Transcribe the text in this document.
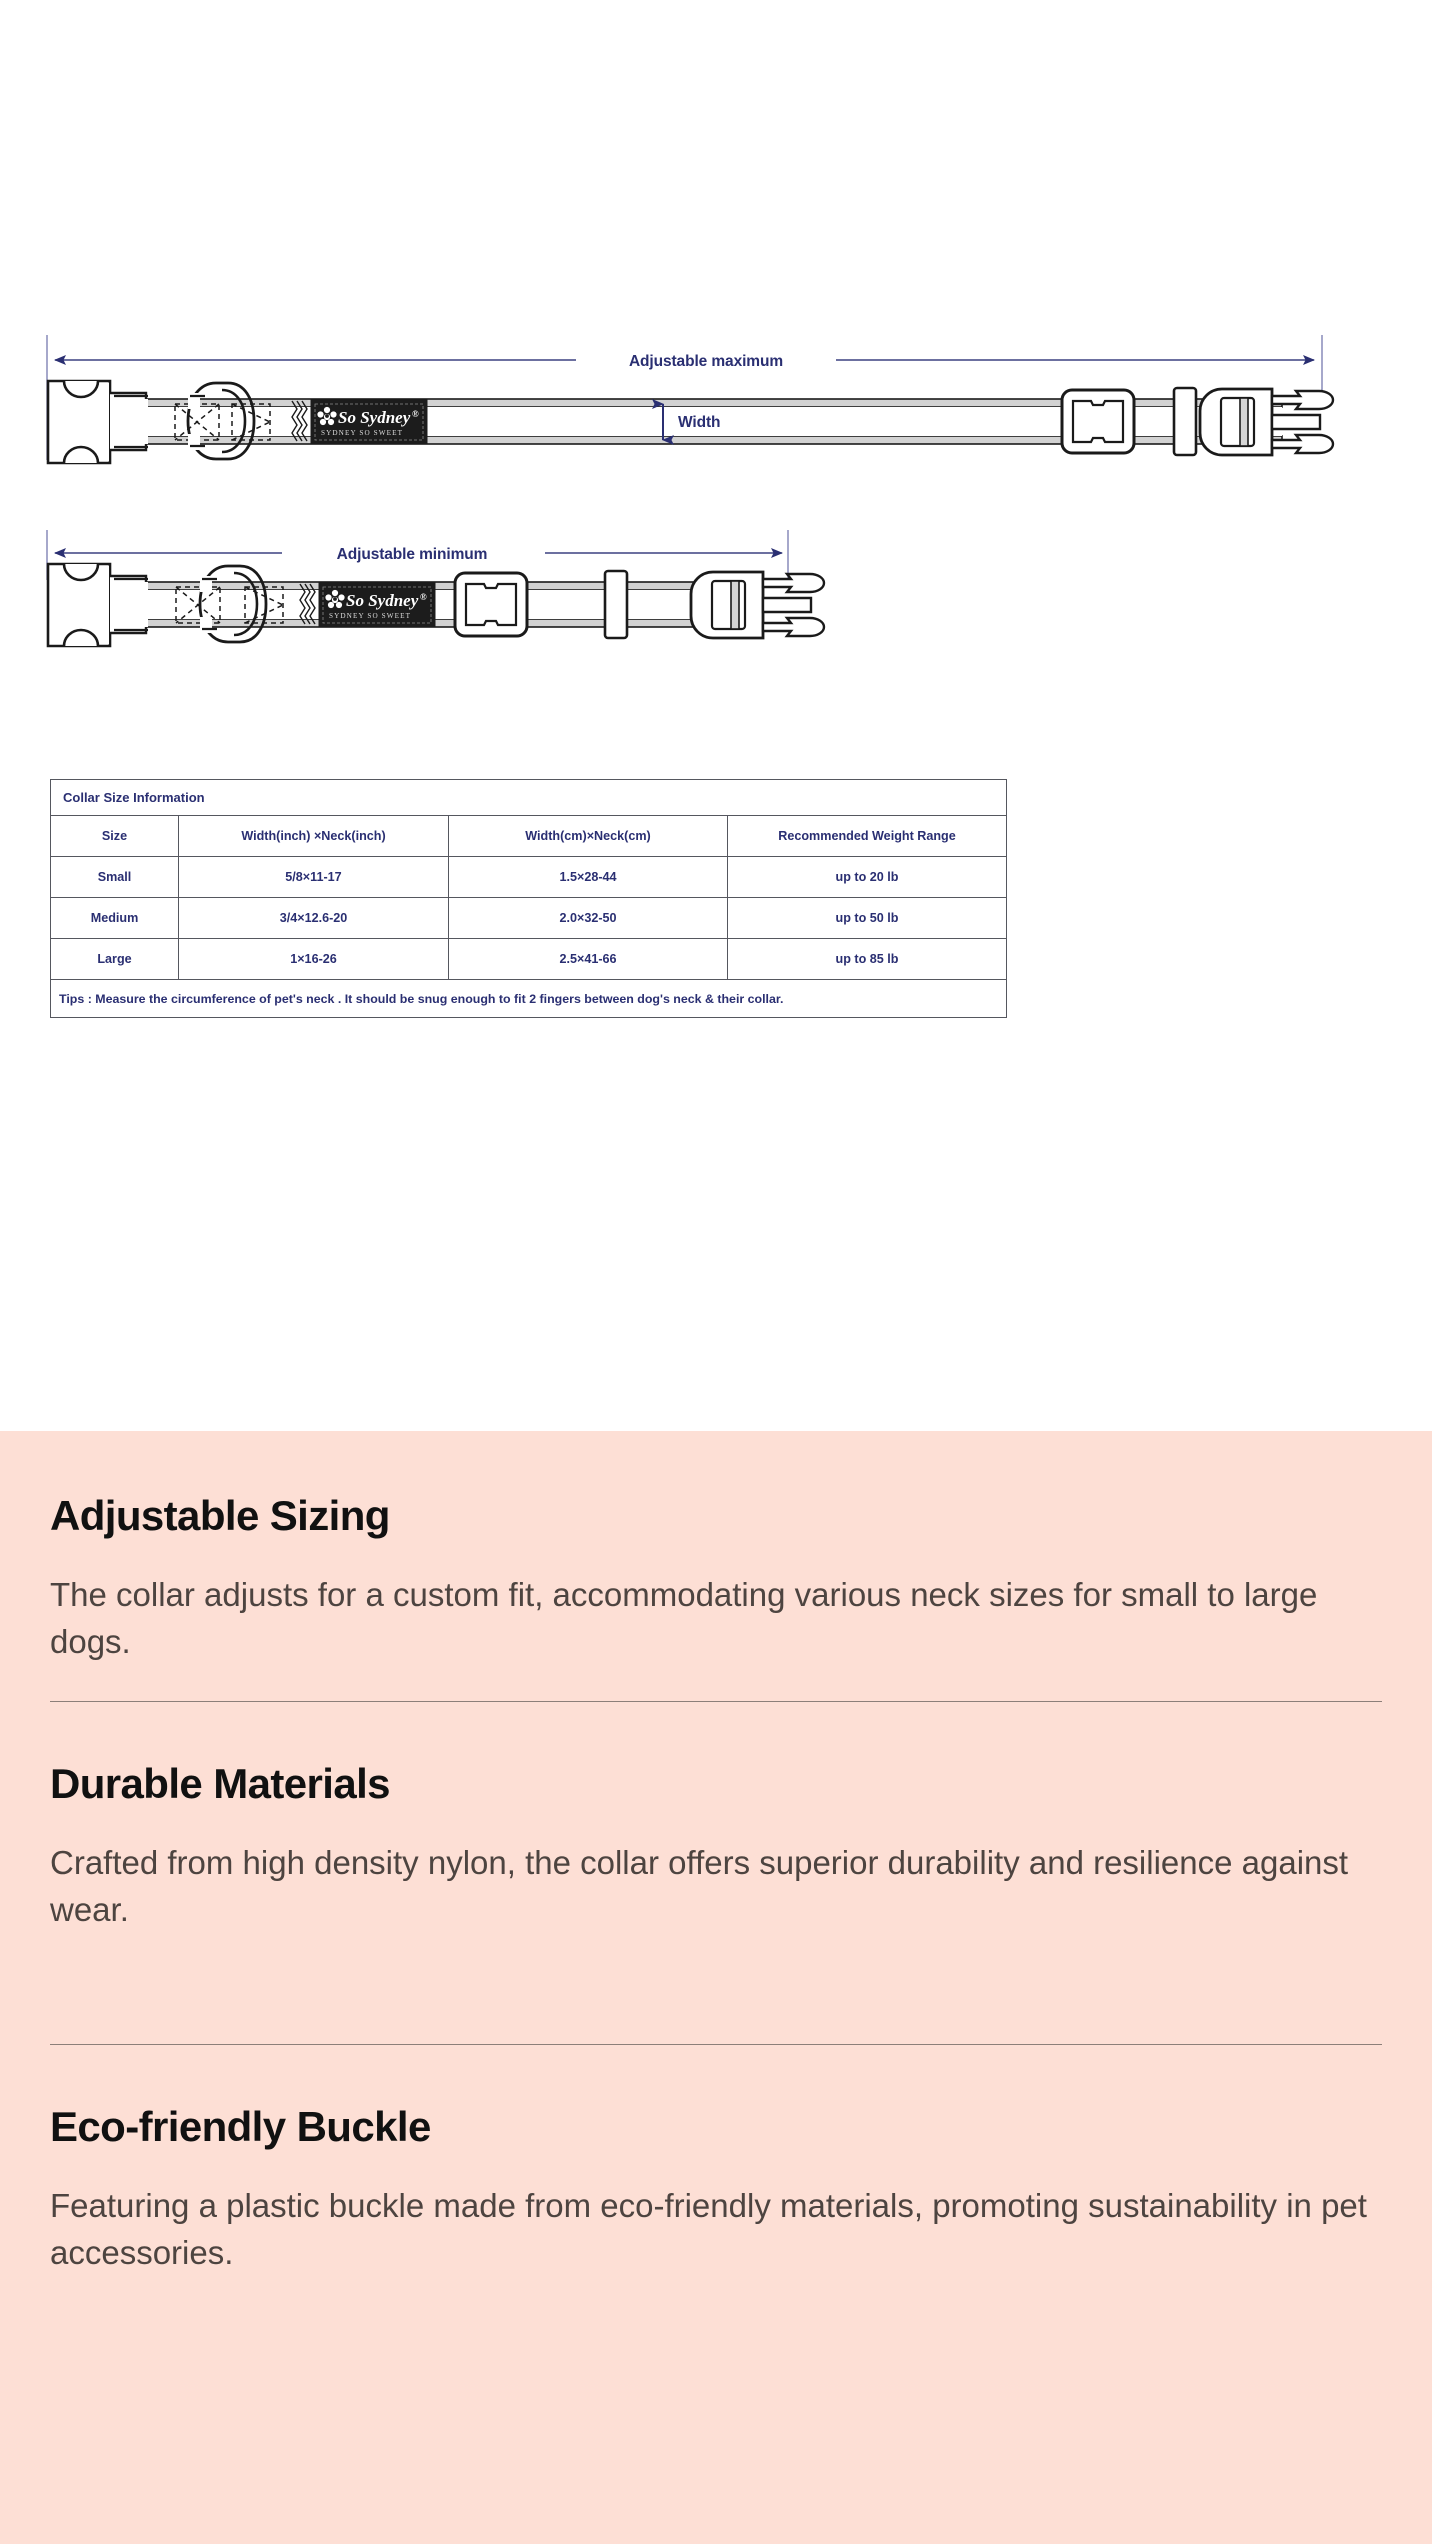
Adjustable maximum
So Sydney ®
SYDNEY SO SWEET
Width
Adjustable minimum
So Sydney ®
SYDNEY SO SWEET
Collar Size Information			
Size	Width(inch) ×Neck(inch)	Width(cm)×Neck(cm)	Recommended Weight Range
Small	5/8×11-17	1.5×28-44	up to 20 lb
Medium	3/4×12.6-20	2.0×32-50	up to 50 lb
Large	1×16-26	2.5×41-66	up to 85 lb
Tips : Measure the circumference of pet's neck . It should be snug enough to fit 2 fingers between dog's neck & their collar.			
Adjustable Sizing

The collar adjusts for a custom fit, accommodating various neck sizes for small to large dogs.

Durable Materials

Crafted from high density nylon, the collar offers superior durability and resilience against wear.

Eco-friendly Buckle

Featuring a plastic buckle made from eco-friendly materials, promoting sustainability in pet accessories.
